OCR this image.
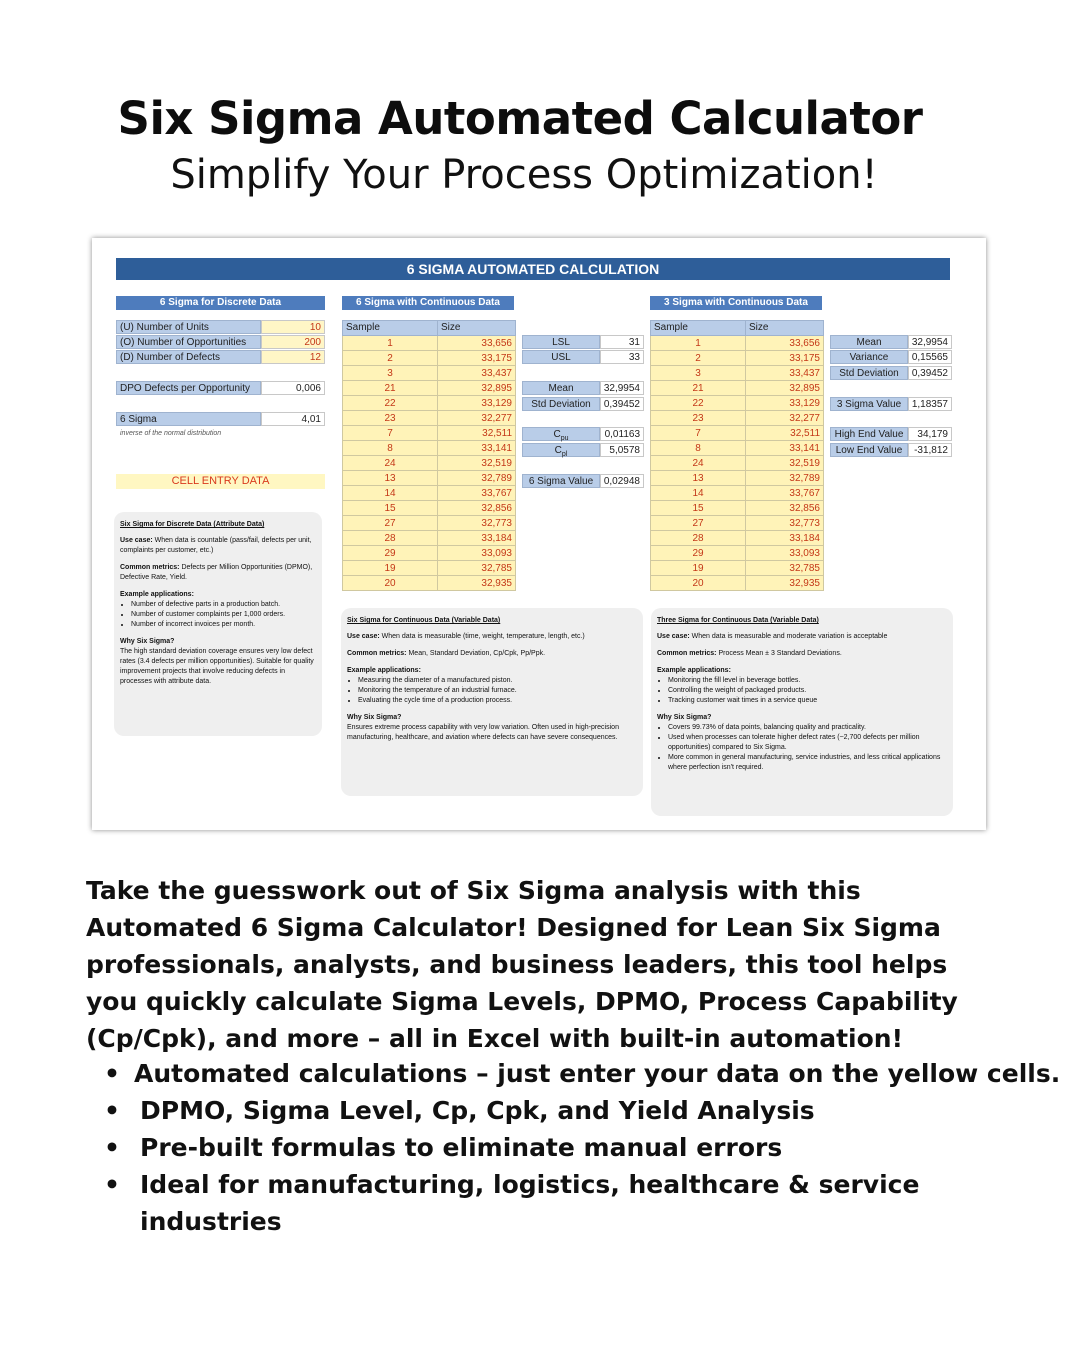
Six Sigma Automated Calculator
Simplify Your Process Optimization!
6 SIGMA AUTOMATED CALCULATION
6 Sigma for Discrete Data
(U) Number of Units	10
(O) Number of Opportunities	200
(D) Number of Defects	12
DPO Defects per Opportunity	0,006
6 Sigma	4,01
inverse of the normal distribution
CELL ENTRY DATA
6 Sigma with Continuous Data
Sample	Size
1	33,656
2	33,175
3	33,437
21	32,895
22	33,129
23	32,277
7	32,511
8	33,141
24	32,519
13	32,789
14	33,767
15	32,856
27	32,773
28	33,184
29	33,093
19	32,785
20	32,935
LSL	31
USL	33
Mean	32,9954
Std Deviation	0,39452
$C_{pu}$	0,01163
$C_{pl}$	5,0578
6 Sigma Value	0,02948
3 Sigma with Continuous Data
Sample	Size
1	33,656
2	33,175
3	33,437
21	32,895
22	33,129
23	32,277
7	32,511
8	33,141
24	32,519
13	32,789
14	33,767
15	32,856
27	32,773
28	33,184
29	33,093
19	32,785
20	32,935
Mean	32,9954
Variance	0,15565
Std Deviation	0,39452
3 Sigma Value	1,18357
High End Value	34,179
Low End Value	-31,812
Six Sigma for Discrete Data (Attribute Data)

Use case: When data is countable (pass/fail, defects per unit, complaints per customer, etc.)

Common metrics: Defects per Million Opportunities (DPMO), Defective Rate, Yield.

Example applications:
• Number of defective parts in a production batch.
• Number of customer complaints per 1,000 orders.
• Number of incorrect invoices per month.
Why Six Sigma?
The high standard deviation coverage ensures very low defect rates (3.4 defects per million opportunities). Suitable for quality improvement projects that involve reducing defects in processes with attribute data.
Six Sigma for Continuous Data (Variable Data)

Use case: When data is measurable (time, weight, temperature, length, etc.)

Common metrics: Mean, Standard Deviation, Cp/Cpk, Pp/Ppk.

Example applications:
• Measuring the diameter of a manufactured piston.
• Monitoring the temperature of an industrial furnace.
• Evaluating the cycle time of a production process.
Why Six Sigma?
Ensures extreme process capability with very low variation. Often used in high-precision manufacturing, healthcare, and aviation where defects can have severe consequences.
Three Sigma for Continuous Data (Variable Data)

Use case: When data is measurable and moderate variation is acceptable

Common metrics: Process Mean ± 3 Standard Deviations.

Example applications:
• Monitoring the fill level in beverage bottles.
• Controlling the weight of packaged products.
• Tracking customer wait times in a service queue
Why Six Sigma?
• Covers 99.73% of data points, balancing quality and practicality.
• Used when processes can tolerate higher defect rates (~2,700 defects per million opportunities) compared to Six Sigma.
• More common in general manufacturing, service industries, and less critical applications where perfection isn't required.
Take the guesswork out of Six Sigma analysis with this Automated 6 Sigma Calculator! Designed for Lean Six Sigma professionals, analysts, and business leaders, this tool helps you quickly calculate Sigma Levels, DPMO, Process Capability (Cp/Cpk), and more – all in Excel with built-in automation!
• Automated calculations – just enter your data on the yellow cells.
• DPMO, Sigma Level, Cp, Cpk, and Yield Analysis
• Pre-built formulas to eliminate manual errors
• Ideal for manufacturing, logistics, healthcare & service industries
